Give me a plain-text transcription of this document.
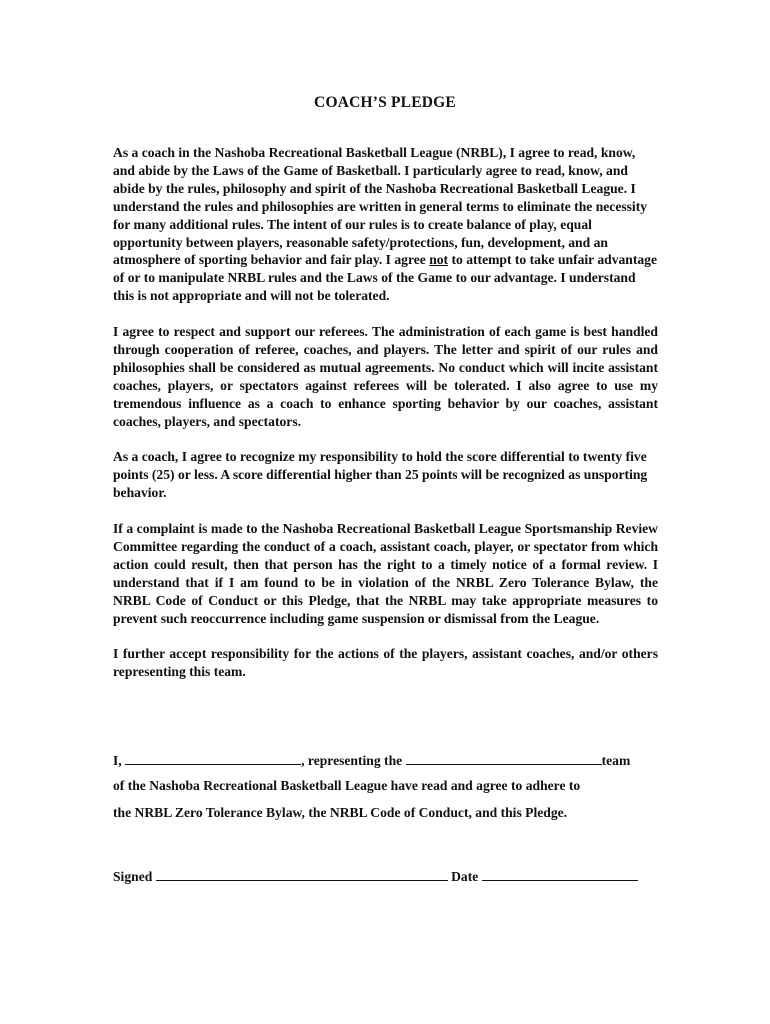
COACH’S PLEDGE

As a coach in the Nashoba Recreational Basketball League (NRBL), I agree to read, know, and abide by the Laws of the Game of Basketball. I particularly agree to read, know, and abide by the rules, philosophy and spirit of the Nashoba Recreational Basketball League. I understand the rules and philosophies are written in general terms to eliminate the necessity for many additional rules. The intent of our rules is to create balance of play, equal opportunity between players, reasonable safety/protections, fun, development, and an atmosphere of sporting behavior and fair play. I agree not to attempt to take unfair advantage of or to manipulate NRBL rules and the Laws of the Game to our advantage. I understand this is not appropriate and will not be tolerated.

I agree to respect and support our referees. The administration of each game is best handled through cooperation of referee, coaches, and players. The letter and spirit of our rules and philosophies shall be considered as mutual agreements. No conduct which will incite assistant coaches, players, or spectators against referees will be tolerated. I also agree to use my tremendous influence as a coach to enhance sporting behavior by our coaches, assistant coaches, players, and spectators.

As a coach, I agree to recognize my responsibility to hold the score differential to twenty five points (25) or less. A score differential higher than 25 points will be recognized as unsporting behavior.

If a complaint is made to the Nashoba Recreational Basketball League Sportsmanship Review Committee regarding the conduct of a coach, assistant coach, player, or spectator from which action could result, then that person has the right to a timely notice of a formal review. I understand that if I am found to be in violation of the NRBL Zero Tolerance Bylaw, the NRBL Code of Conduct or this Pledge, that the NRBL may take appropriate measures to prevent such reoccurrence including game suspension or dismissal from the League.

I further accept responsibility for the actions of the players, assistant coaches, and/or others representing this team.

I,	, representing the	team
of the Nashoba Recreational Basketball League have read and agree to adhere to
the NRBL Zero Tolerance Bylaw, the NRBL Code of Conduct, and this Pledge.
Signed	Date
